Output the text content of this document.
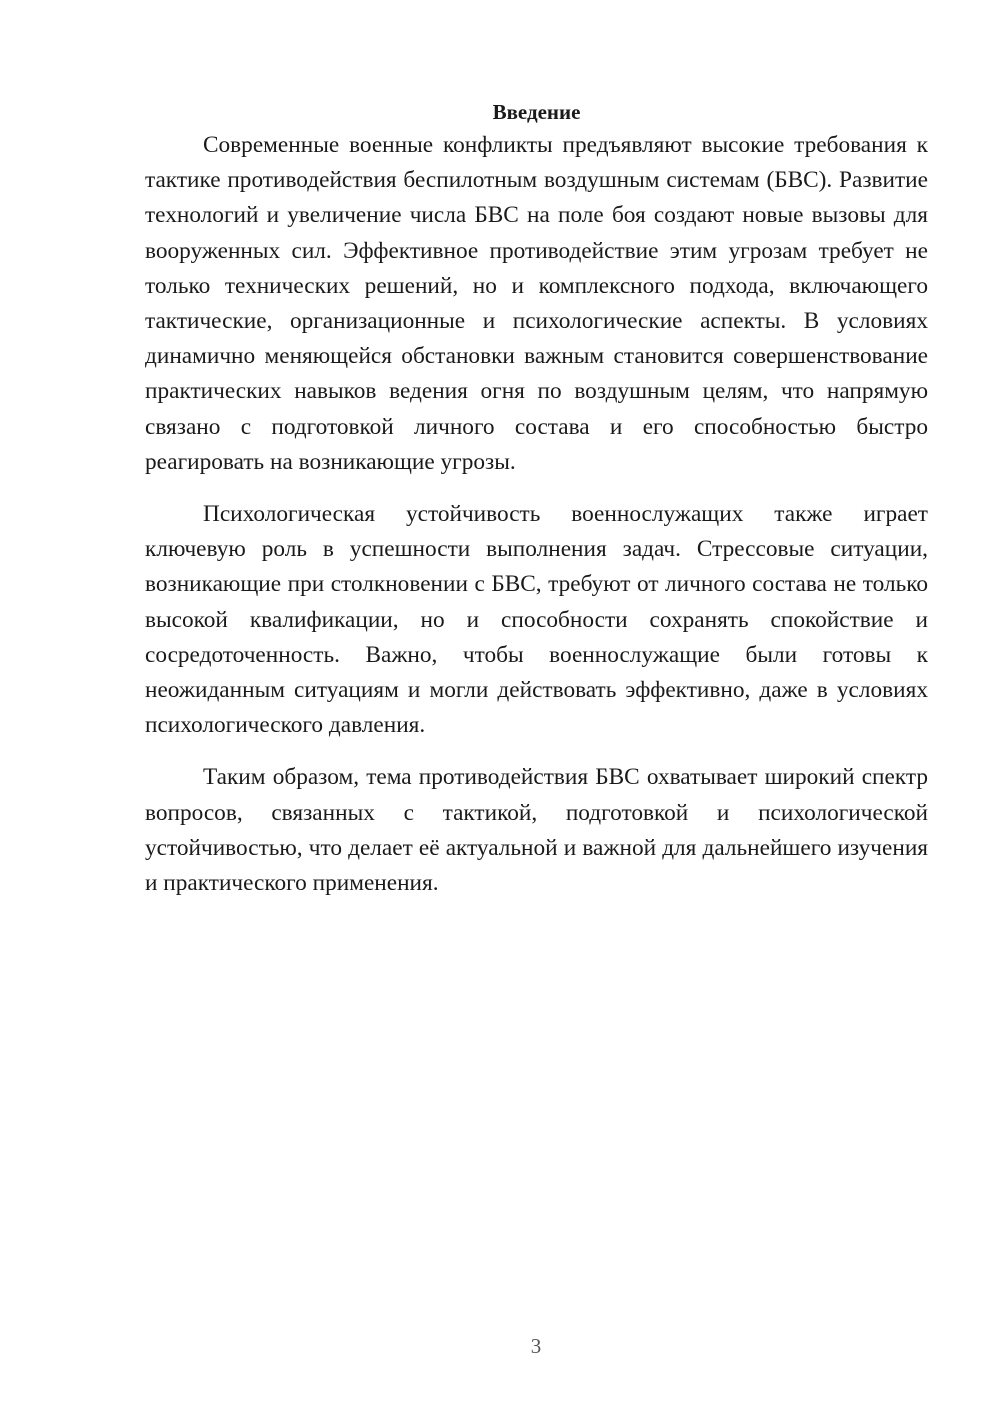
Введение

Современные военные конфликты предъявляют высокие требования к тактике противодействия беспилотным воздушным системам (БВС). Развитие технологий и увеличение числа БВС на поле боя создают новые вызовы для вооруженных сил. Эффективное противодействие этим угрозам требует не только технических решений, но и комплексного подхода, включающего тактические, организационные и психологические аспекты. В условиях динамично меняющейся обстановки важным становится совершенствование практических навыков ведения огня по воздушным целям, что напрямую связано с подготовкой личного состава и его способностью быстро реагировать на возникающие угрозы.

Психологическая устойчивость военнослужащих также играет ключевую роль в успешности выполнения задач. Стрессовые ситуации, возникающие при столкновении с БВС, требуют от личного состава не только высокой квалификации, но и способности сохранять спокойствие и сосредоточенность. Важно, чтобы военнослужащие были готовы к неожиданным ситуациям и могли действовать эффективно, даже в условиях психологического давления.

Таким образом, тема противодействия БВС охватывает широкий спектр вопросов, связанных с тактикой, подготовкой и психологической устойчивостью, что делает её актуальной и важной для дальнейшего изучения и практического применения.

3
